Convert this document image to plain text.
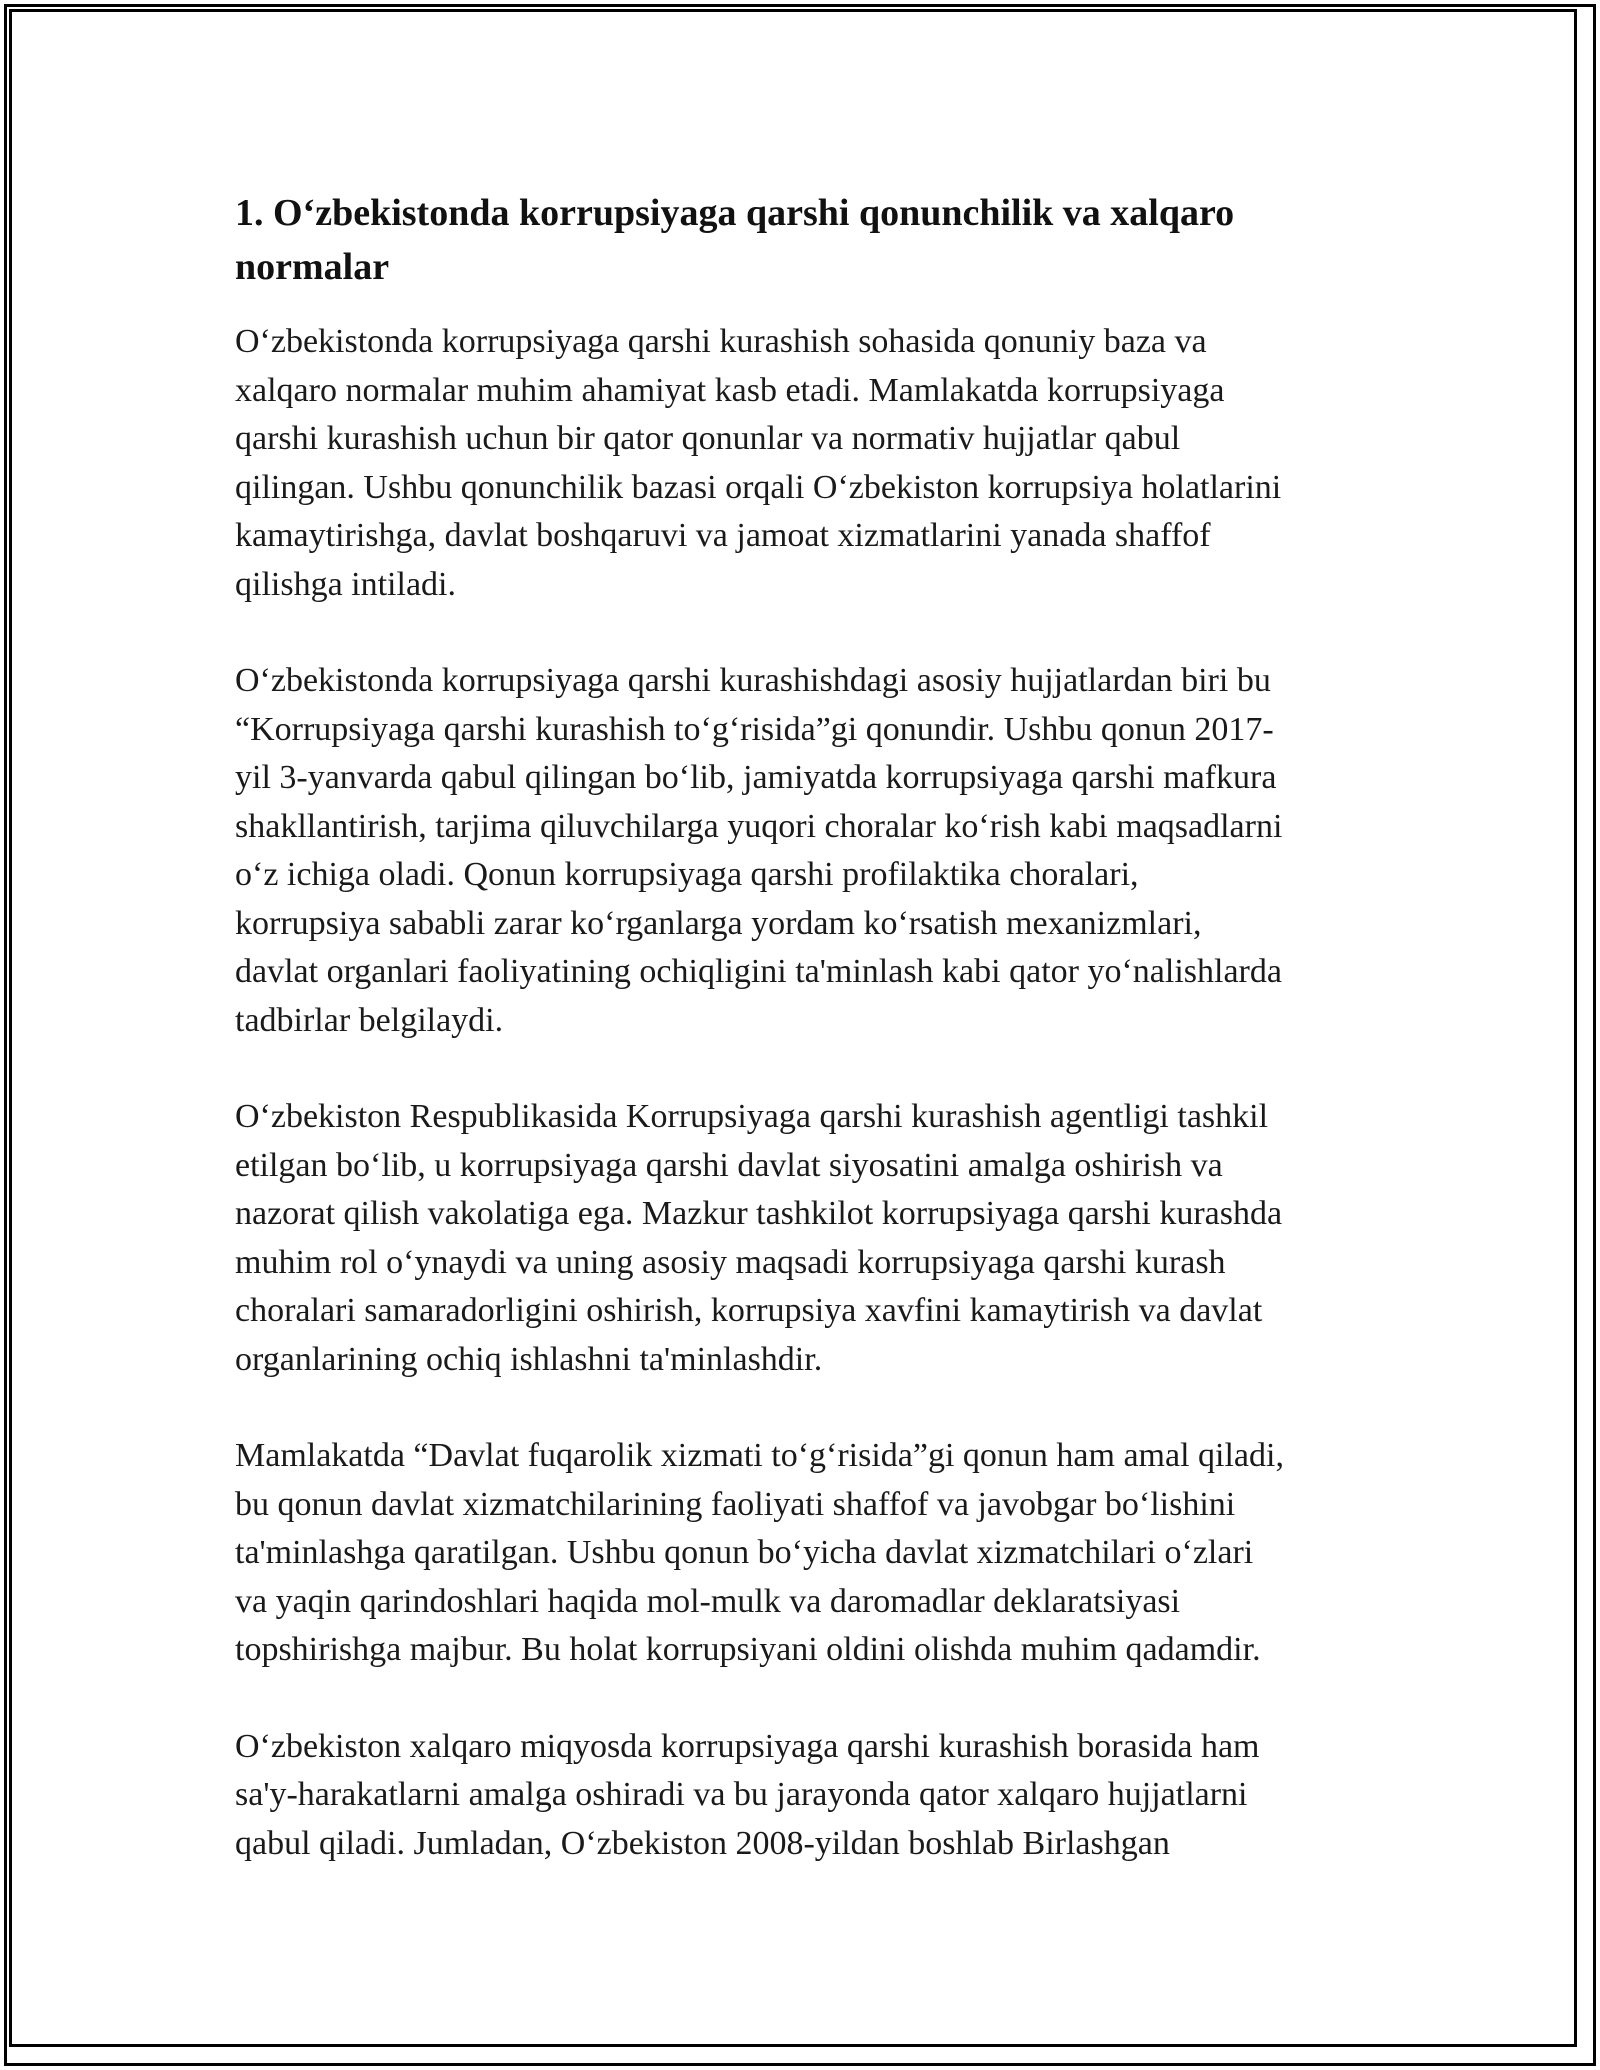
1. O‘zbekistonda korrupsiyaga qarshi qonunchilik va xalqaro normalar

O‘zbekistonda korrupsiyaga qarshi kurashish sohasida qonuniy baza va
xalqaro normalar muhim ahamiyat kasb etadi. Mamlakatda korrupsiyaga
qarshi kurashish uchun bir qator qonunlar va normativ hujjatlar qabul
qilingan. Ushbu qonunchilik bazasi orqali O‘zbekiston korrupsiya holatlarini
kamaytirishga, davlat boshqaruvi va jamoat xizmatlarini yanada shaffof
qilishga intiladi.

O‘zbekistonda korrupsiyaga qarshi kurashishdagi asosiy hujjatlardan biri bu
“Korrupsiyaga qarshi kurashish to‘g‘risida”gi qonundir. Ushbu qonun 2017-
yil 3-yanvarda qabul qilingan bo‘lib, jamiyatda korrupsiyaga qarshi mafkura
shakllantirish, tarjima qiluvchilarga yuqori choralar ko‘rish kabi maqsadlarni
o‘z ichiga oladi. Qonun korrupsiyaga qarshi profilaktika choralari,
korrupsiya sababli zarar ko‘rganlarga yordam ko‘rsatish mexanizmlari,
davlat organlari faoliyatining ochiqligini ta'minlash kabi qator yo‘nalishlarda
tadbirlar belgilaydi.

O‘zbekiston Respublikasida Korrupsiyaga qarshi kurashish agentligi tashkil
etilgan bo‘lib, u korrupsiyaga qarshi davlat siyosatini amalga oshirish va
nazorat qilish vakolatiga ega. Mazkur tashkilot korrupsiyaga qarshi kurashda
muhim rol o‘ynaydi va uning asosiy maqsadi korrupsiyaga qarshi kurash
choralari samaradorligini oshirish, korrupsiya xavfini kamaytirish va davlat
organlarining ochiq ishlashni ta'minlashdir.

Mamlakatda “Davlat fuqarolik xizmati to‘g‘risida”gi qonun ham amal qiladi,
bu qonun davlat xizmatchilarining faoliyati shaffof va javobgar bo‘lishini
ta'minlashga qaratilgan. Ushbu qonun bo‘yicha davlat xizmatchilari o‘zlari
va yaqin qarindoshlari haqida mol-mulk va daromadlar deklaratsiyasi
topshirishga majbur. Bu holat korrupsiyani oldini olishda muhim qadamdir.

O‘zbekiston xalqaro miqyosda korrupsiyaga qarshi kurashish borasida ham
sa'y-harakatlarni amalga oshiradi va bu jarayonda qator xalqaro hujjatlarni
qabul qiladi. Jumladan, O‘zbekiston 2008-yildan boshlab Birlashgan
